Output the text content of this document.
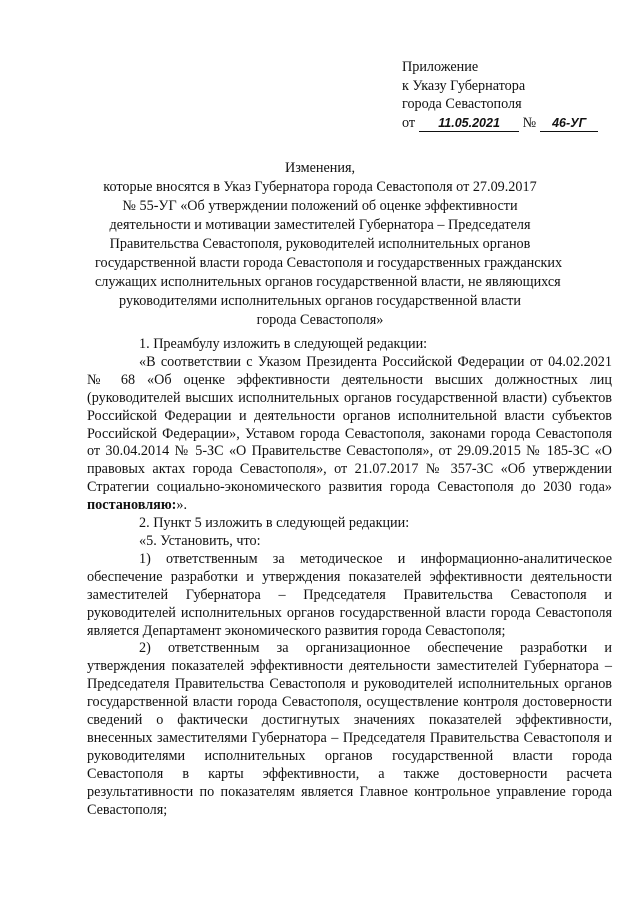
Приложение
к Указу Губернатора
города Севастополя
от 11.05.2021 № 46-УГ
Изменения,
которые вносятся в Указ Губернатора города Севастополя от 27.09.2017
№ 55-УГ «Об утверждении положений об оценке эффективности
деятельности и мотивации заместителей Губернатора – Председателя
Правительства Севастополя, руководителей исполнительных органов
государственной власти города Севастополя и государственных гражданских
служащих исполнительных органов государственной власти, не являющихся
руководителями исполнительных органов государственной власти
города Севастополя»

1. Преамбулу изложить в следующей редакции:

«В соответствии с Указом Президента Российской Федерации от 04.02.2021 № 68 «Об оценке эффективности деятельности высших должностных лиц (руководителей высших исполнительных органов государственной власти) субъектов Российской Федерации и деятельности органов исполнительной власти субъектов Российской Федерации», Уставом города Севастополя, законами города Севастополя от 30.04.2014 № 5-ЗС «О Правительстве Севастополя», от 29.09.2015 № 185-ЗС «О правовых актах города Севастополя», от 21.07.2017 № 357-ЗС «Об утверждении Стратегии социально-экономического развития города Севастополя до 2030 года» постановляю:».

2. Пункт 5 изложить в следующей редакции:

«5. Установить, что:

1) ответственным за методическое и информационно-аналитическое обеспечение разработки и утверждения показателей эффективности деятельности заместителей Губернатора – Председателя Правительства Севастополя и руководителей исполнительных органов государственной власти города Севастополя является Департамент экономического развития города Севастополя;

2) ответственным за организационное обеспечение разработки и утверждения показателей эффективности деятельности заместителей Губернатора – Председателя Правительства Севастополя и руководителей исполнительных органов государственной власти города Севастополя, осуществление контроля достоверности сведений о фактически достигнутых значениях показателей эффективности, внесенных заместителями Губернатора – Председателя Правительства Севастополя и руководителями исполнительных органов государственной власти города Севастополя в карты эффективности, а также достоверности расчета результативности по показателям является Главное контрольное управление города Севастополя;
